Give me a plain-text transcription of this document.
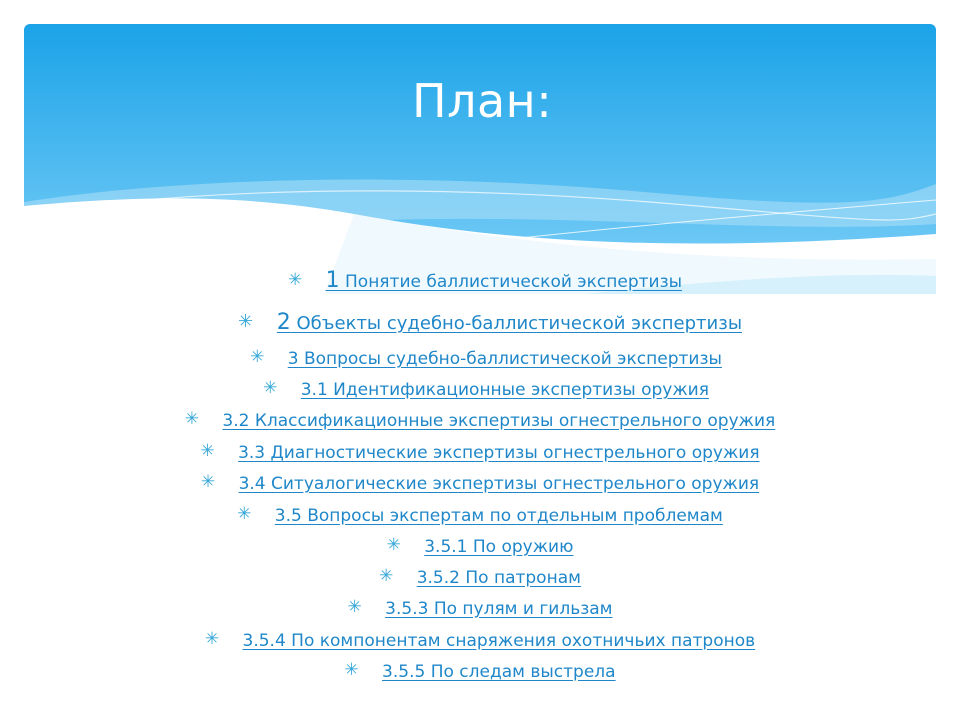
План:
✳ 1 Понятие баллистической экспертизы
✳ 2 Объекты судебно-баллистической экспертизы
✳ 3 Вопросы судебно-баллистической экспертизы
✳ 3.1 Идентификационные экспертизы оружия
✳ 3.2 Классификационные экспертизы огнестрельного оружия
✳ 3.3 Диагностические экспертизы огнестрельного оружия
✳ 3.4 Ситуалогические экспертизы огнестрельного оружия
✳ 3.5 Вопросы экспертам по отдельным проблемам
✳ 3.5.1 По оружию
✳ 3.5.2 По патронам
✳ 3.5.3 По пулям и гильзам
✳ 3.5.4 По компонентам снаряжения охотничьих патронов
✳ 3.5.5 По следам выстрела
